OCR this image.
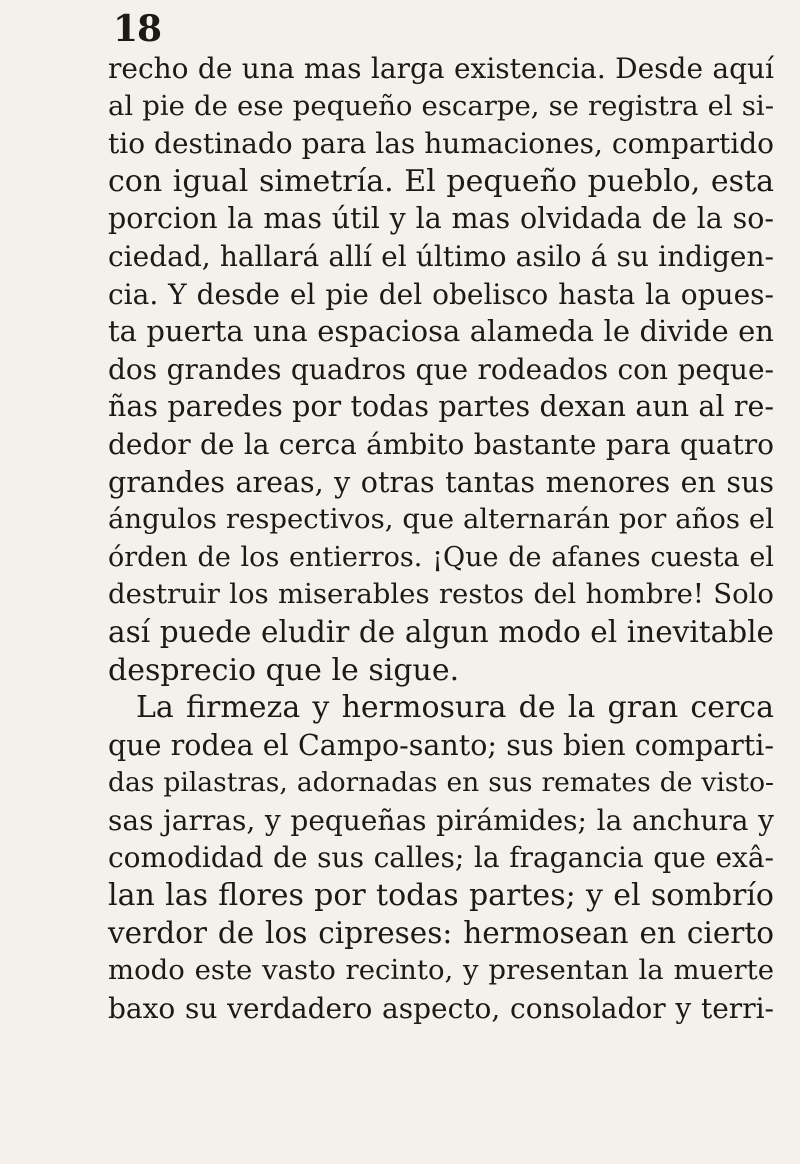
18
recho de una mas larga existencia. Desde aquí
al pie de ese pequeño escarpe, se registra el si-
tio destinado para las humaciones, compartido
con igual simetría. El pequeño pueblo, esta
porcion la mas útil y la mas olvidada de la so-
ciedad, hallará allí el último asilo á su indigen-
cia. Y desde el pie del obelisco hasta la opues-
ta puerta una espaciosa alameda le divide en
dos grandes quadros que rodeados con peque-
ñas paredes por todas partes dexan aun al re-
dedor de la cerca ámbito bastante para quatro
grandes areas, y otras tantas menores en sus
ángulos respectivos, que alternarán por años el
órden de los entierros. ¡Que de afanes cuesta el
destruir los miserables restos del hombre! Solo
así puede eludir de algun modo el inevitable
desprecio que le sigue.
La firmeza y hermosura de la gran cerca
que rodea el Campo-santo; sus bien comparti-
das pilastras, adornadas en sus remates de visto-
sas jarras, y pequeñas pirámides; la anchura y
comodidad de sus calles; la fragancia que exâ-
lan las flores por todas partes; y el sombrío
verdor de los cipreses: hermosean en cierto
modo este vasto recinto, y presentan la muerte
baxo su verdadero aspecto, consolador y terri-
